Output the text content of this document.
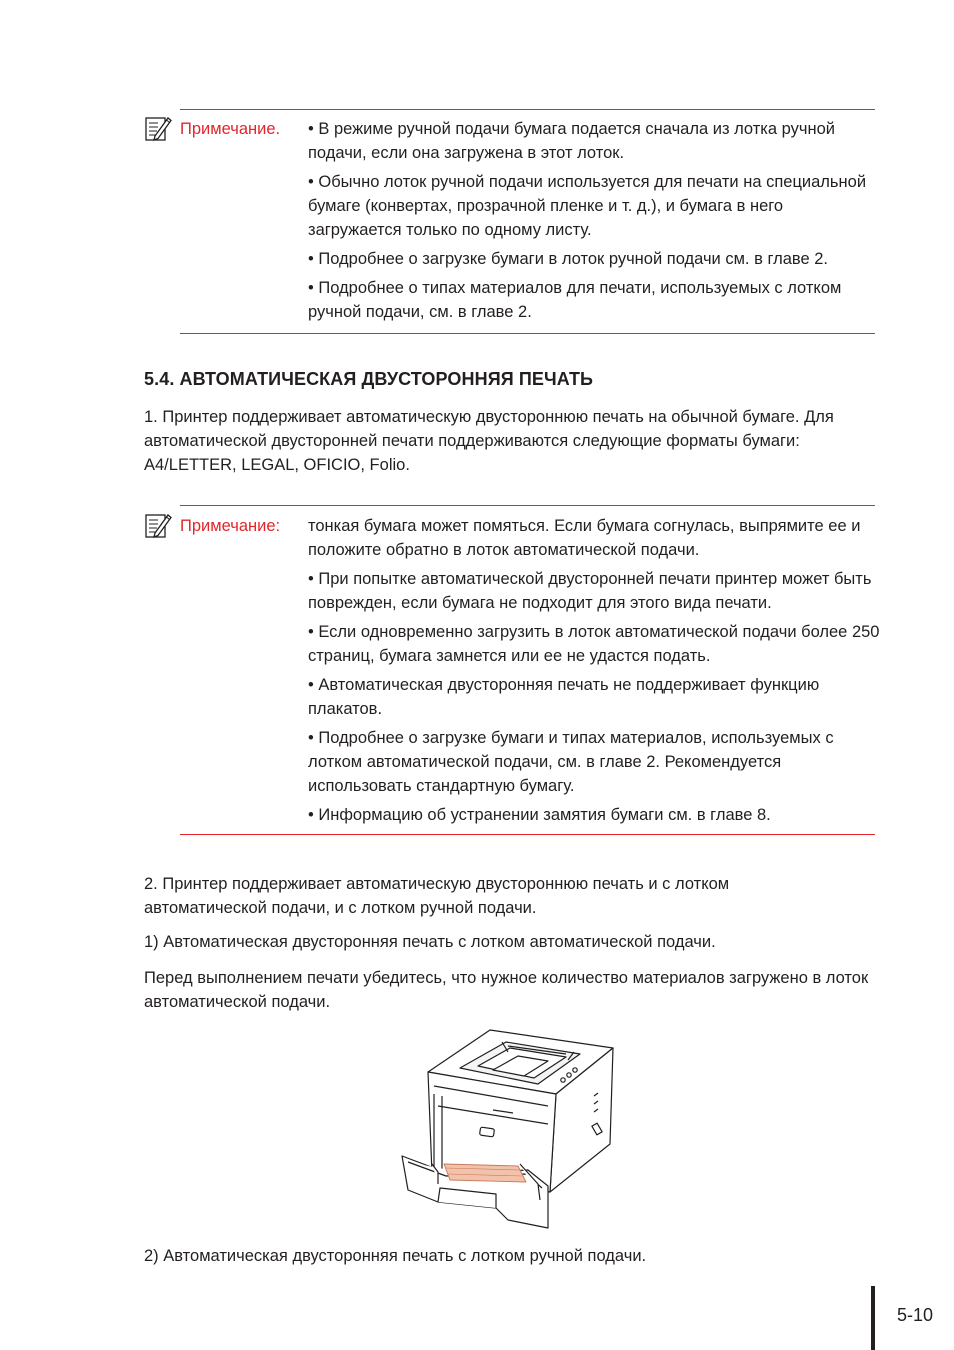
Примечание. • В режиме ручной подачи бумага подается сначала из лотка ручной подачи, если она загружена в этот лоток.

• Обычно лоток ручной подачи используется для печати на специальной бумаге (конвертах, прозрачной пленке и т. д.), и бумага в него загружается только по одному листу.

• Подробнее о загрузке бумаги в лоток ручной подачи см. в главе 2.

• Подробнее о типах материалов для печати, используемых с лотком ручной подачи, см. в главе 2.

5.4. АВТОМАТИЧЕСКАЯ ДВУСТОРОННЯЯ ПЕЧАТЬ

1. Принтер поддерживает автоматическую двустороннюю печать на обычной бумаге. Для автоматической двусторонней печати поддерживаются следующие форматы бумаги: A4/LETTER, LEGAL, OFICIO, Folio.

Примечание: тонкая бумага может помяться. Если бумага согнулась, выпрямите ее и положите обратно в лоток автоматической подачи.

• При попытке автоматической двусторонней печати принтер может быть поврежден, если бумага не подходит для этого вида печати.

• Если одновременно загрузить в лоток автоматической подачи более 250 страниц, бумага замнется или ее не удастся подать.

• Автоматическая двусторонняя печать не поддерживает функцию плакатов.

• Подробнее о загрузке бумаги и типах материалов, используемых с лотком автоматической подачи, см. в главе 2. Рекомендуется использовать стандартную бумагу.

• Информацию об устранении замятия бумаги см. в главе 8.

2. Принтер поддерживает автоматическую двустороннюю печать и с лотком автоматической подачи, и с лотком ручной подачи.

1) Автоматическая двусторонняя печать с лотком автоматической подачи.

Перед выполнением печати убедитесь, что нужное количество материалов загружено в лоток автоматической подачи.

2) Автоматическая двусторонняя печать с лотком ручной подачи.

5-10
